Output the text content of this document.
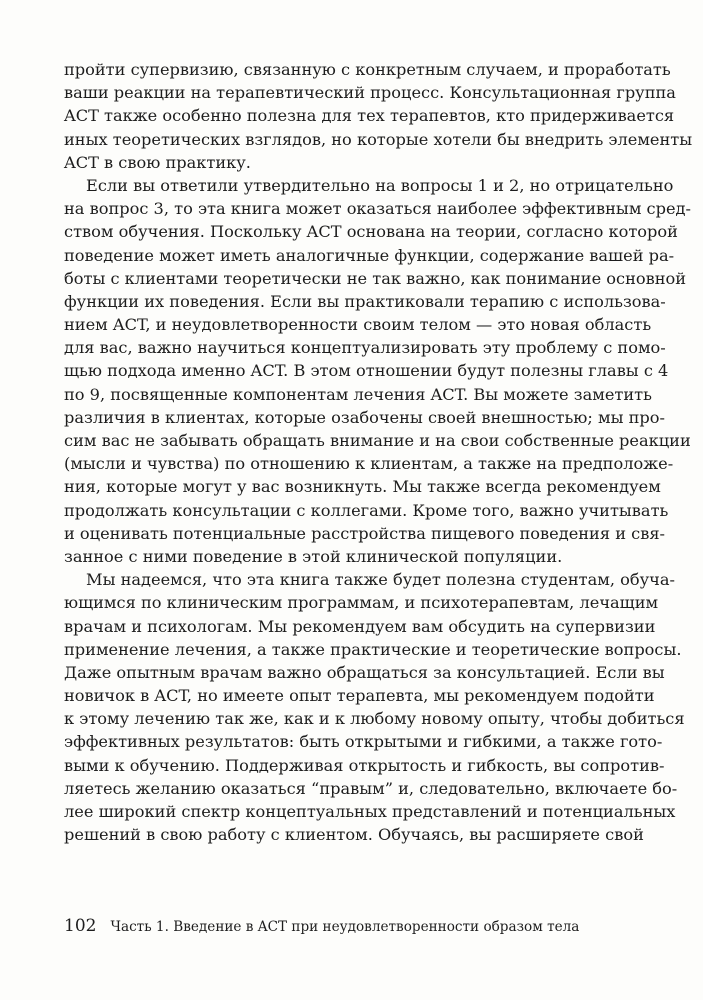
пройти супервизию, связанную с конкретным случаем, и проработать
ваши реакции на терапевтический процесс. Консультационная группа
ACT также особенно полезна для тех терапевтов, кто придерживается
иных теоретических взглядов, но которые хотели бы внедрить элементы
ACT в свою практику.
Если вы ответили утвердительно на вопросы 1 и 2, но отрицательно
на вопрос 3, то эта книга может оказаться наиболее эффективным сред-
ством обучения. Поскольку ACT основана на теории, согласно которой
поведение может иметь аналогичные функции, содержание вашей ра-
боты с клиентами теоретически не так важно, как понимание основной
функции их поведения. Если вы практиковали терапию с использова-
нием ACT, и неудовлетворенности своим телом — это новая область
для вас, важно научиться концептуализировать эту проблему с помо-
щью подхода именно ACT. В этом отношении будут полезны главы с 4
по 9, посвященные компонентам лечения ACT. Вы можете заметить
различия в клиентах, которые озабочены своей внешностью; мы про-
сим вас не забывать обращать внимание и на свои собственные реакции
(мысли и чувства) по отношению к клиентам, а также на предположе-
ния, которые могут у вас возникнуть. Мы также всегда рекомендуем
продолжать консультации с коллегами. Кроме того, важно учитывать
и оценивать потенциальные расстройства пищевого поведения и свя-
занное с ними поведение в этой клинической популяции.
Мы надеемся, что эта книга также будет полезна студентам, обуча-
ющимся по клиническим программам, и психотерапевтам, лечащим
врачам и психологам. Мы рекомендуем вам обсудить на супервизии
применение лечения, а также практические и теоретические вопросы.
Даже опытным врачам важно обращаться за консультацией. Если вы
новичок в ACT, но имеете опыт терапевта, мы рекомендуем подойти
к этому лечению так же, как и к любому новому опыту, чтобы добиться
эффективных результатов: быть открытыми и гибкими, а также гото-
выми к обучению. Поддерживая открытость и гибкость, вы сопротив-
ляетесь желанию оказаться “правым” и, следовательно, включаете бо-
лее широкий спектр концептуальных представлений и потенциальных
решений в свою работу с клиентом. Обучаясь, вы расширяете свой
102 Часть 1. Введение в ACT при неудовлетворенности образом тела
